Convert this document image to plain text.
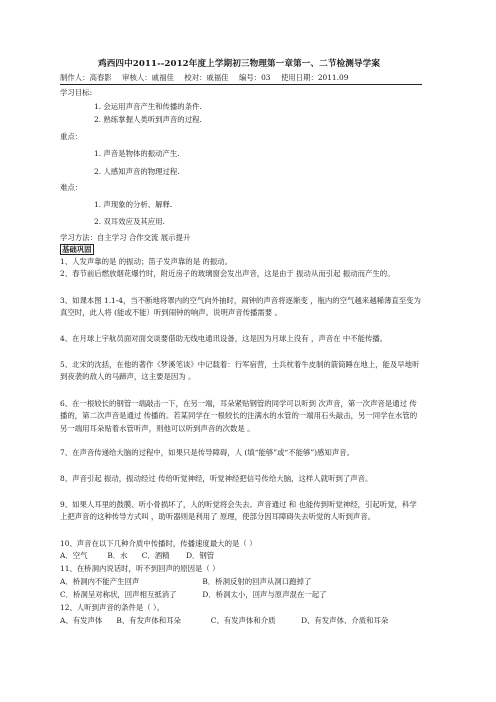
鸡西四中2011--2012年度上学期初三物理第一章第一、二节检测导学案
制作人：高春影 审核人：戚福佳 校对：戚福佳 编号：03 使用日期：2011.09
学习目标:
1. 会运用声音产生和传播的条件.
2. 熟练掌握人类听到声音的过程.
重点：
1. 声音是物体的振动产生.
2. 人感知声音的物理过程.
难点：
1. 声现象的分析、解释.
2. 双耳效应及其应用.
学习方法：自主学习 合作交流 展示提升
基础巩固
1、人发声靠的是 的振动；笛子发声靠的是 的振动。
2、春节前后燃放烟花爆竹时，附近房子的玻璃窗会发出声音，这是由于 振动从而引起 振动而产生的。
3、如课本图 1.1-4，当不断地将罩内的空气向外抽时，闹钟的声音将逐渐变 ，瓶内的空气越来越稀薄直至变为真空时，此人将 (能或不能）听到闹钟的响声。说明声音传播需要 。
4、在月球上宇航员面对面交谈要借助无线电通讯设备，这是因为月球上没有 ，声音在 中不能传播。
5、北宋的沈括，在他的著作《梦溪笔谈》中记载着：行军宿营，士兵枕着牛皮制的箭筒睡在地上，能及早地听到夜袭的敌人的马蹄声，这主要是因为 。
6、在一根较长的钢管一端敲击一下，在另一端，耳朵紧贴钢管的同学可以听到 次声音，第一次声音是通过 传播的，第二次声音是通过 传播的。若某同学在一根较长的注满水的水管的一端用石头敲击，另一同学在水管的另一端用耳朵贴着水管听声，则他可以听到声音的次数是 。
7、在声音传递给大脑的过程中，如果只是传导障碍，人 (填“能够”或“不能够”)感知声音。
8、声音引起 振动，振动经过 传给听觉神经，听觉神经把信号传给大脑，这样人就听到了声音。
9、如果人耳里的鼓膜、听小骨损坏了，人的听觉将会失去。声音通过 和 也能传到听觉神经，引起听觉，科学上把声音的这种传导方式叫 ，助听器则是利用了 原理，使部分因耳障碍失去听觉的人听到声音。
10、声音在以下几种介质中传播时，传播速度最大的是（ ）
A．空气	B．水 C．酒精 D．钢管
11、在桥洞内说话时，听不到回声的原因是（ ）
A．桥洞内不能产生回声	B．桥洞反射的回声从洞口跑掉了
C．桥洞呈对称状，回声相互抵消了	D．桥洞太小，回声与原声混在一起了
12、人听到声音的条件是（ ）。
A、有发声体 B、有发声体和耳朵	C、有发声体和介质	D、有发声体、介质和耳朵
